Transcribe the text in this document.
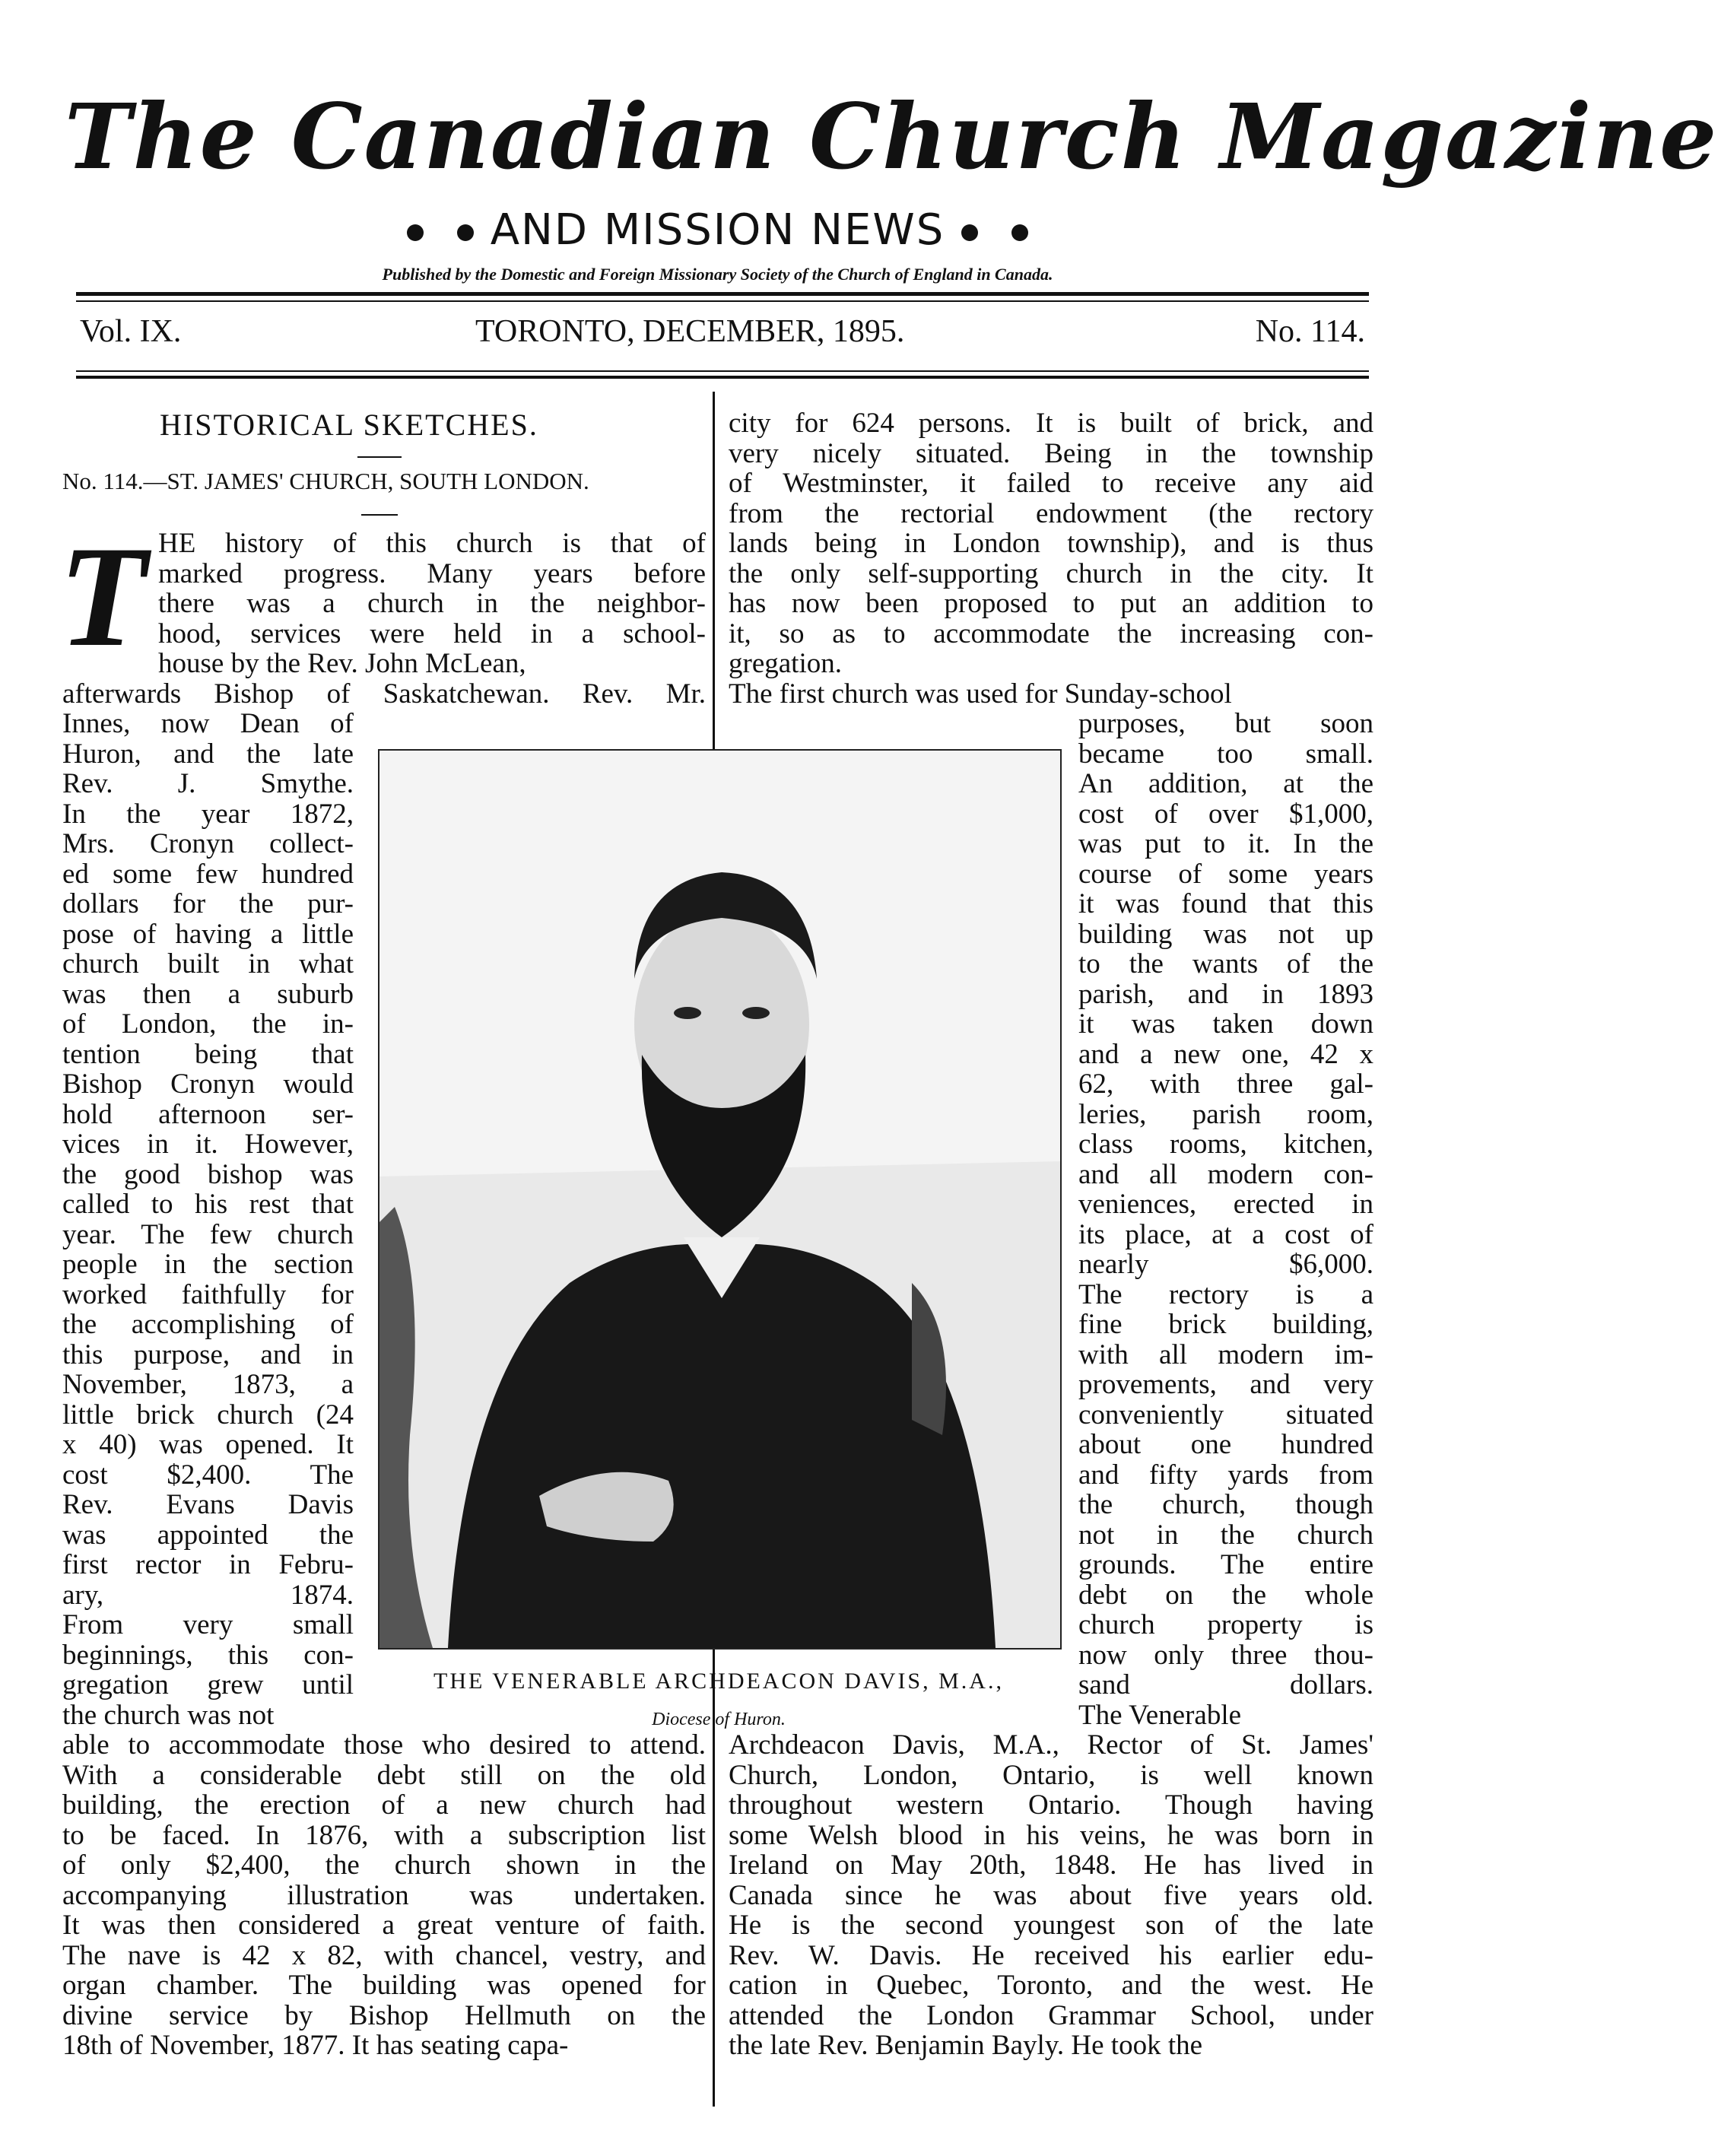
The Canadian Church Magazine
AND MISSION NEWS
Published by the Domestic and Foreign Missionary Society of the Church of England in Canada.
Vol. IX.	TORONTO, DECEMBER, 1895.	No. 114.
HISTORICAL SKETCHES.
No. 114.—ST. JAMES' CHURCH, SOUTH LONDON.
T HE history of this church is that of
marked progress. Many years before
there was a church in the neighbor-
hood, services were held in a school-
house by the Rev. John McLean,
afterwards Bishop of Saskatchewan. Rev. Mr.
Innes, now Dean of
Huron, and the late
Rev. J. Smythe.
In the year 1872,
Mrs. Cronyn collect-
ed some few hundred
dollars for the pur-
pose of having a little
church built in what
was then a suburb
of London, the in-
tention being that
Bishop Cronyn would
hold afternoon ser-
vices in it. However,
the good bishop was
called to his rest that
year. The few church
people in the section
worked faithfully for
the accomplishing of
this purpose, and in
November, 1873, a
little brick church (24
x 40) was opened. It
cost $2,400. The
Rev. Evans Davis
was appointed the
first rector in Febru-
ary, 1874.
From very small
beginnings, this con-
gregation grew until
the church was not
able to accommodate those who desired to attend.
With a considerable debt still on the old
building, the erection of a new church had
to be faced. In 1876, with a subscription list
of only $2,400, the church shown in the
accompanying illustration was undertaken.
It was then considered a great venture of faith.
The nave is 42 x 82, with chancel, vestry, and
organ chamber. The building was opened for
divine service by Bishop Hellmuth on the
18th of November, 1877. It has seating capa-
city for 624 persons. It is built of brick, and
very nicely situated. Being in the township
of Westminster, it failed to receive any aid
from the rectorial endowment (the rectory
lands being in London township), and is thus
the only self-supporting church in the city. It
has now been proposed to put an addition to
it, so as to accommodate the increasing con-
gregation.
The first church was used for Sunday-school
purposes, but soon
became too small.
An addition, at the
cost of over $1,000,
was put to it. In the
course of some years
it was found that this
building was not up
to the wants of the
parish, and in 1893
it was taken down
and a new one, 42 x
62, with three gal-
leries, parish room,
class rooms, kitchen,
and all modern con-
veniences, erected in
its place, at a cost of
nearly $6,000.
The rectory is a
fine brick building,
with all modern im-
provements, and very
conveniently situated
about one hundred
and fifty yards from
the church, though
not in the church
grounds. The entire
debt on the whole
church property is
now only three thou-
sand dollars.
The Venerable
Archdeacon Davis, M.A., Rector of St. James'
Church, London, Ontario, is well known
throughout western Ontario. Though having
some Welsh blood in his veins, he was born in
Ireland on May 20th, 1848. He has lived in
Canada since he was about five years old.
He is the second youngest son of the late
Rev. W. Davis. He received his earlier edu-
cation in Quebec, Toronto, and the west. He
attended the London Grammar School, under
the late Rev. Benjamin Bayly. He took the
THE VENERABLE ARCHDEACON DAVIS, M.A.,
Diocese of Huron.
